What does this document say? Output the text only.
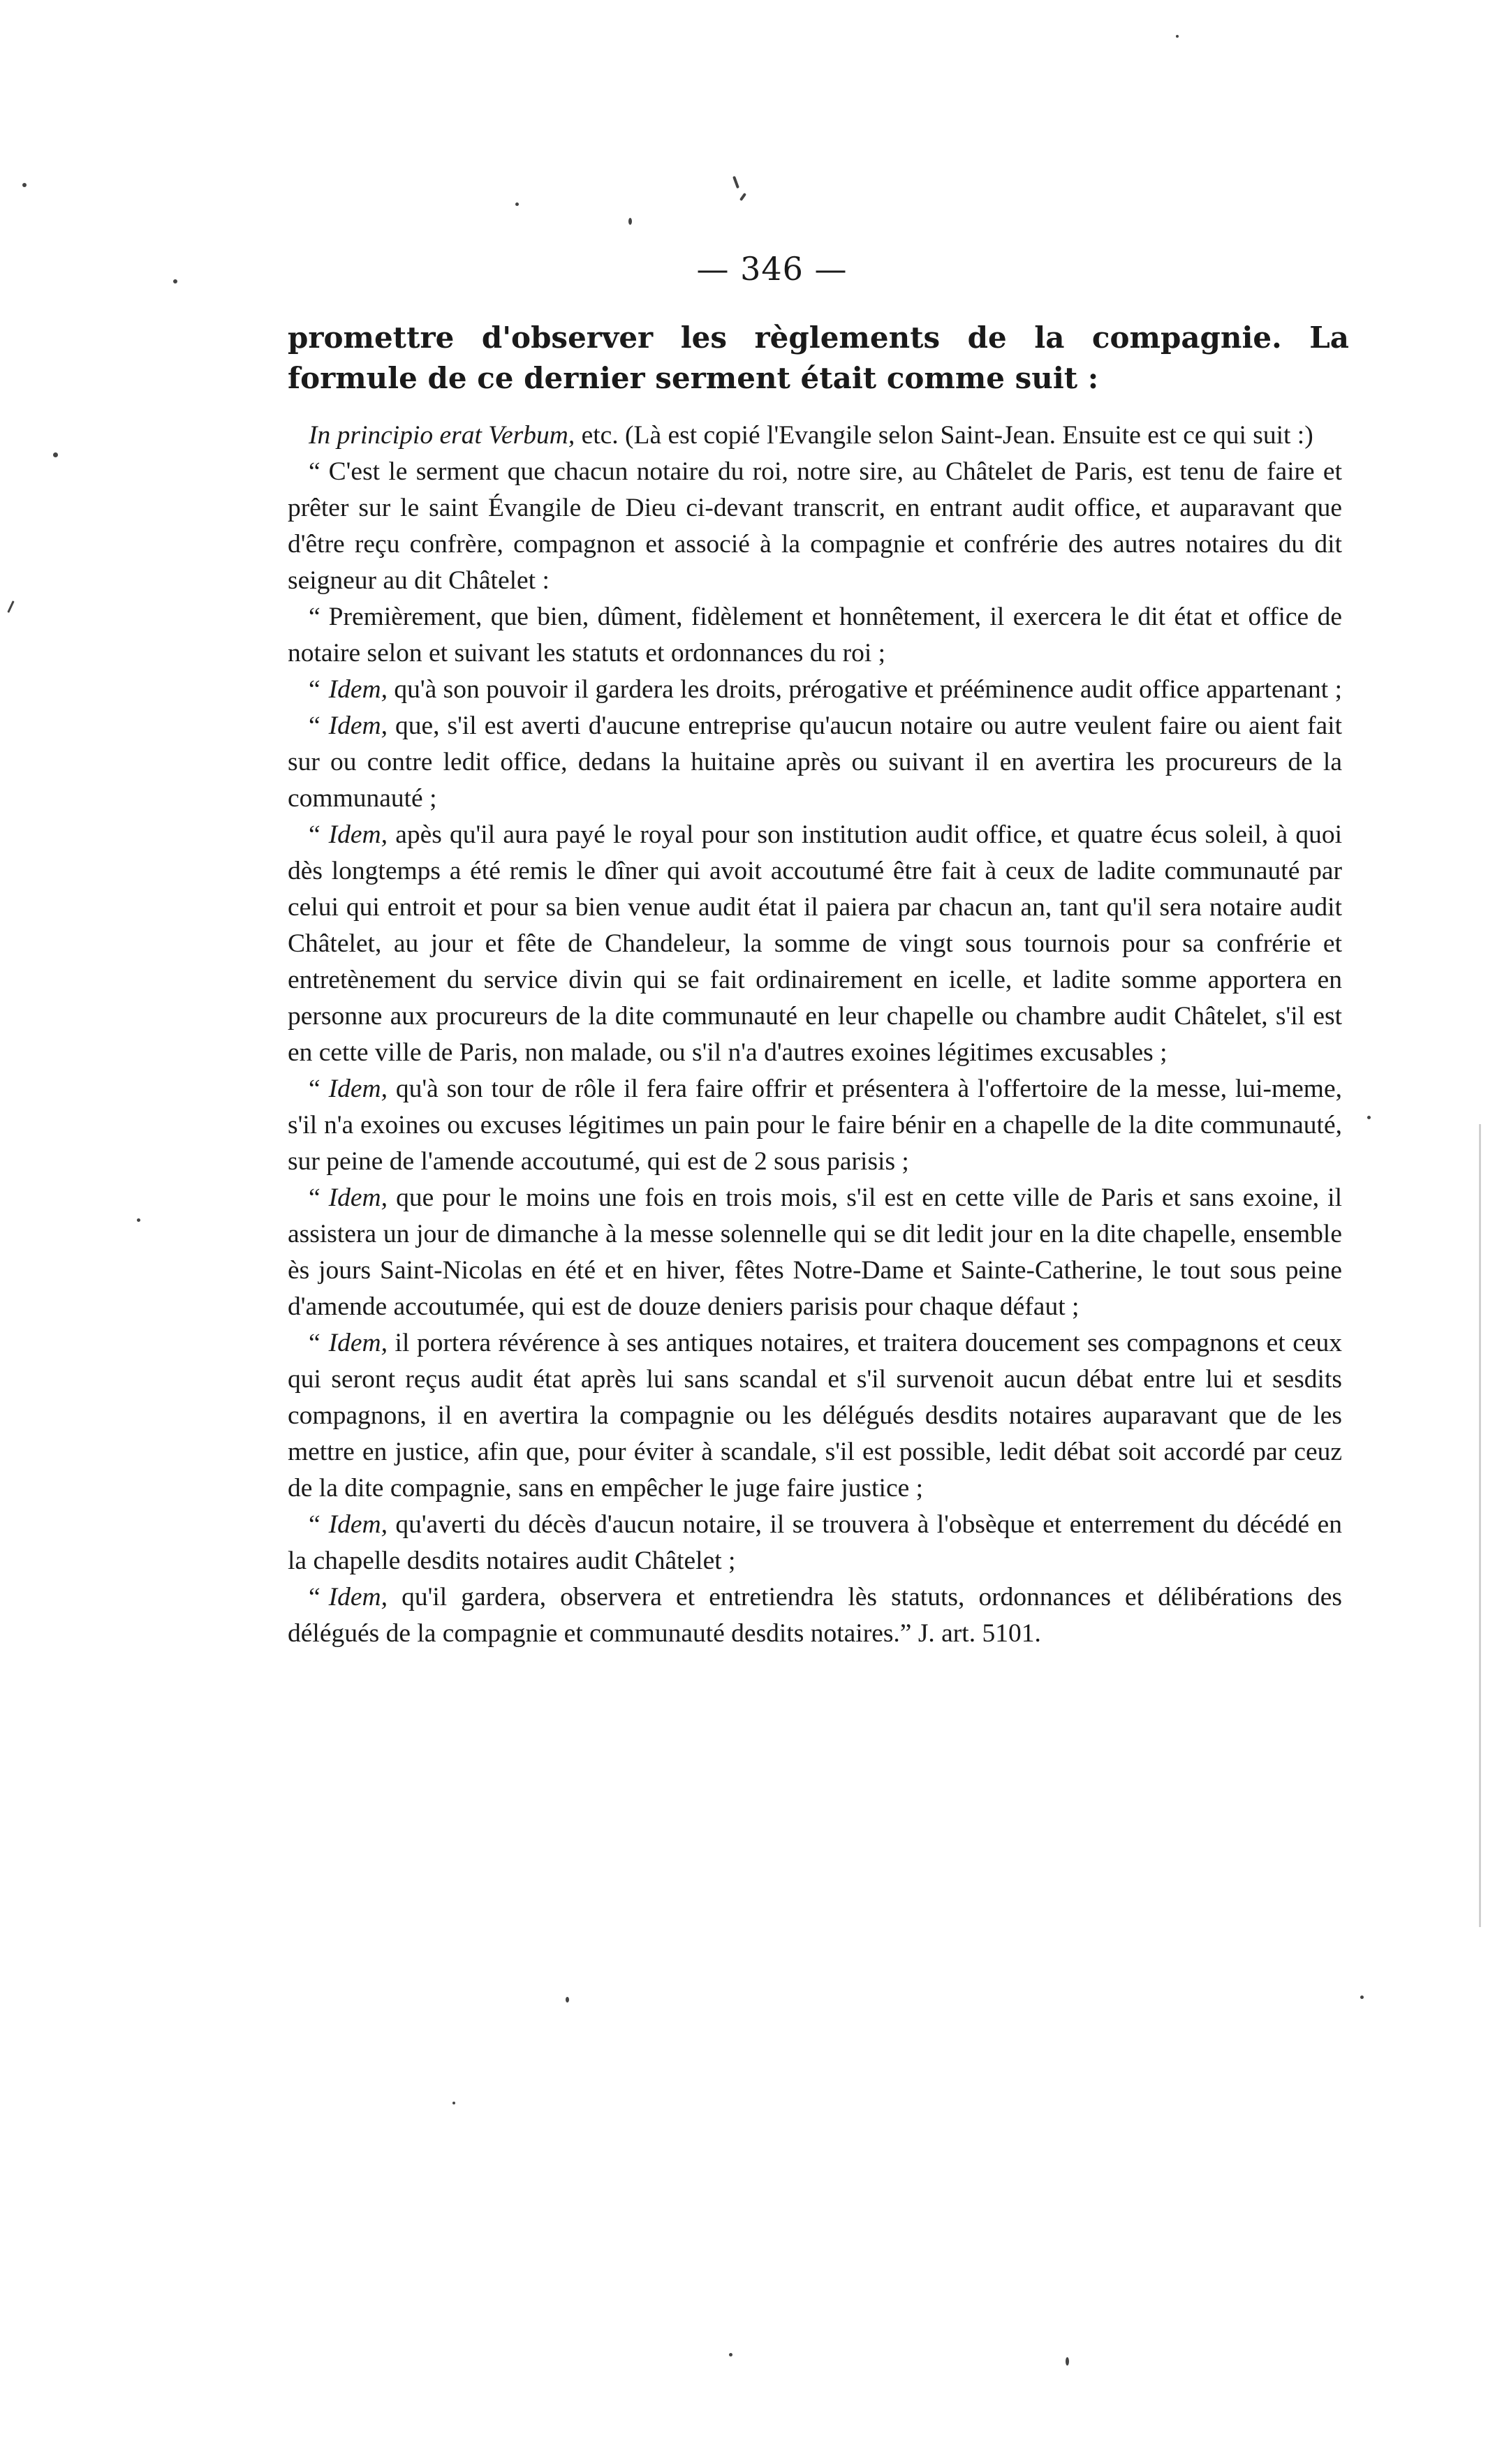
— 346 —

promettre d'observer les règlements de la compagnie. La formule de ce dernier serment était comme suit :

In principio erat Verbum, etc. (Là est copié l'Evangile selon Saint-Jean. Ensuite est ce qui suit :)

“ C'est le serment que chacun notaire du roi, notre sire, au Châtelet de Paris, est tenu de faire et prêter sur le saint Évangile de Dieu ci-devant transcrit, en entrant audit office, et auparavant que d'être reçu confrère, compagnon et associé à la compagnie et confrérie des autres notaires du dit seigneur au dit Châtelet :

“ Premièrement, que bien, dûment, fidèlement et honnêtement, il exercera le dit état et office de notaire selon et suivant les statuts et ordonnances du roi ;

“ Idem, qu'à son pouvoir il gardera les droits, prérogative et prééminence audit office appartenant ;

“ Idem, que, s'il est averti d'aucune entreprise qu'aucun notaire ou autre veulent faire ou aient fait sur ou contre ledit office, dedans la huitaine après ou suivant il en avertira les procureurs de la communauté ;

“ Idem, apès qu'il aura payé le royal pour son institution audit office, et quatre écus soleil, à quoi dès longtemps a été remis le dîner qui avoit accoutumé être fait à ceux de ladite communauté par celui qui entroit et pour sa bien venue audit état il paiera par chacun an, tant qu'il sera notaire audit Châtelet, au jour et fête de Chandeleur, la somme de vingt sous tournois pour sa confrérie et entretènement du service divin qui se fait ordinairement en icelle, et ladite somme apportera en personne aux procureurs de la dite communauté en leur chapelle ou chambre audit Châtelet, s'il est en cette ville de Paris, non malade, ou s'il n'a d'autres exoines légitimes excusables ;

“ Idem, qu'à son tour de rôle il fera faire offrir et présentera à l'offertoire de la messe, lui-meme, s'il n'a exoines ou excuses légitimes un pain pour le faire bénir en a chapelle de la dite communauté, sur peine de l'amende accoutumé, qui est de 2 sous parisis ;

“ Idem, que pour le moins une fois en trois mois, s'il est en cette ville de Paris et sans exoine, il assistera un jour de dimanche à la messe solennelle qui se dit ledit jour en la dite chapelle, ensemble ès jours Saint-Nicolas en été et en hiver, fêtes Notre-Dame et Sainte-Catherine, le tout sous peine d'amende accoutumée, qui est de douze deniers parisis pour chaque défaut ;

“ Idem, il portera révérence à ses antiques notaires, et traitera doucement ses compagnons et ceux qui seront reçus audit état après lui sans scandal et s'il survenoit aucun débat entre lui et sesdits compagnons, il en avertira la compagnie ou les délégués desdits notaires auparavant que de les mettre en justice, afin que, pour éviter à scandale, s'il est possible, ledit débat soit accordé par ceuz de la dite compagnie, sans en empêcher le juge faire justice ;

“ Idem, qu'averti du décès d'aucun notaire, il se trouvera à l'obsèque et enterrement du décédé en la chapelle desdits notaires audit Châtelet ;

“ Idem, qu'il gardera, observera et entretiendra lès statuts, ordonnances et délibérations des délégués de la compagnie et communauté desdits notaires.” J. art. 5101.
